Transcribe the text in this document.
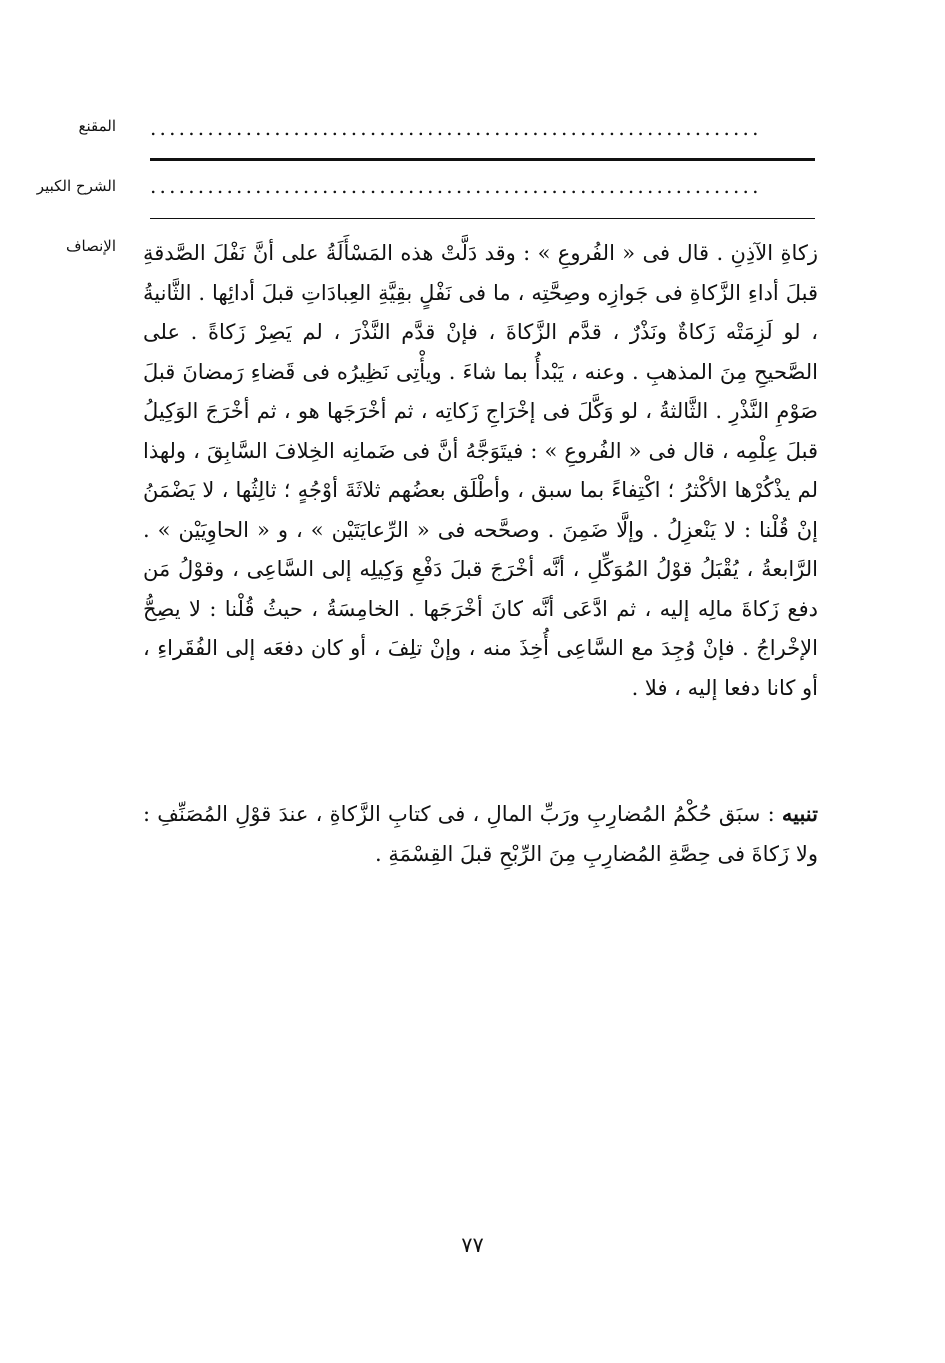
المقنع
الشرح الكبير
الإنصاف
................................................................
................................................................

زكاةِ الآذِنِ . قال فى « الفُروعِ » : وقد دَلَّتْ هذه المَسْأَلَةُ على أنَّ نَفْلَ الصَّدقةِ قبلَ أداءِ الزَّكاةِ فى جَوازِه وصِحَّتِه ، ما فى نَفْلٍ بقِيَّةِ العِبادَاتِ قبلَ أدائِها . الثَّانيةُ ، لو لَزِمَتْه زَكاةٌ ونَذْرٌ ، قدَّم الزَّكاةَ ، فإنْ قدَّم النَّذْرَ ، لم يَصِرْ زَكاةً . على الصَّحيحِ مِنَ المذهبِ . وعنه ، يَبْدأُ بما شاءَ . ويأْتِى نَظِيرُه فى قَضاءِ رَمضانَ قبلَ صَوْمِ النَّذْرِ . الثَّالثةُ ، لو وَكَّلَ فى إخْرَاجِ زَكاتِه ، ثم أخْرَجَها هو ، ثم أخْرَجَ الوَكِيلُ قبلَ عِلْمِه ، قال فى « الفُروعِ » : فيتَوَجَّهُ أنَّ فى ضَمانِه الخِلافَ السَّابِقَ ، ولهذا لم يذْكُرْها الأكْثرُ ؛ اكْتِفاءً بما سبق ، وأطْلَق بعضُهم ثلاثَةَ أوْجُهٍ ؛ ثالِثُها ، لا يَضْمَنُ إنْ قُلْنا : لا يَنْعزِلُ . وإلَّا ضَمِنَ . وصحَّحه فى « الرِّعايَتَيْن » ، و « الحاوِيَيْن » . الرَّابعةُ ، يُقْبَلُ قوْلُ المُوَكِّلِ ، أنَّه أخْرَجَ قبلَ دَفْعِ وَكِيلِه إلى السَّاعِى ، وقوْلُ مَن دفع زَكاةَ مالِه إليه ، ثم ادَّعَى أنَّه كانَ أخْرَجَها . الخامِسَةُ ، حيثُ قُلْنا : لا يصِحُّ الإخْراجُ . فإنْ وُجِدَ مع السَّاعِى أُخِذَ منه ، وإنْ تلِفَ ، أو كان دفعَه إلى الفُقَراءِ ، أو كانا دفعا إليه ، فلا .

تنبيه : سبَق حُكْمُ المُضارِبِ ورَبِّ المالِ ، فى كتابِ الزَّكاةِ ، عندَ قوْلِ المُصَنِّفِ : ولا زَكاةَ فى حِصَّةِ المُضارِبِ مِنَ الرِّبْحِ قبلَ القِسْمَةِ .

٧٧
